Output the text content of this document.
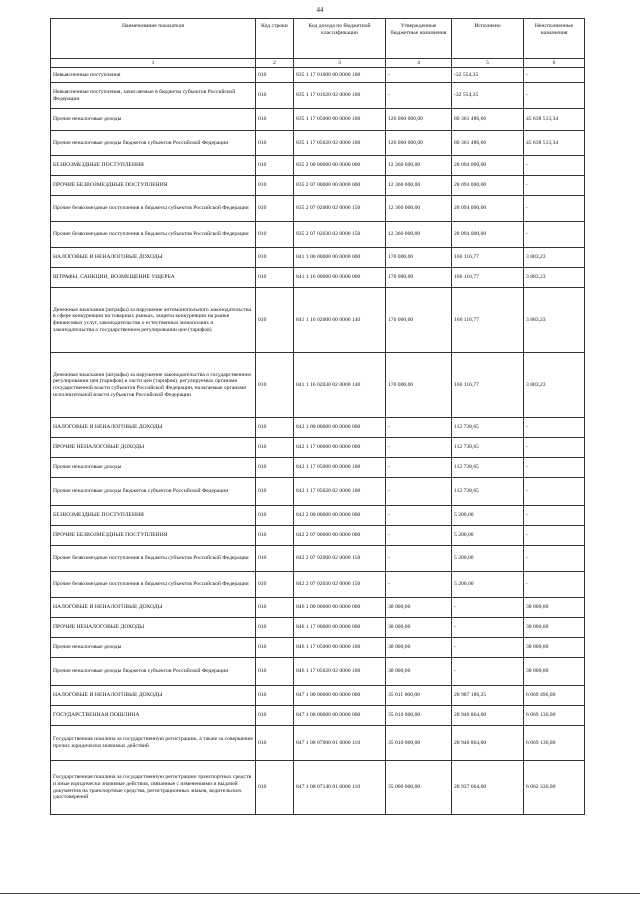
44
Наименование показателя	Код строки	Код дохода по бюджетной классификации	Утвержденные бюджетные назначения	Исполнено	Неисполненные назначения
1	2	3	4	5	6
Невыясненные поступления	010	835 1 17 01000 00 0000 180	-	-32 554,35	-
Невыясненные поступления, зачисляемые в бюджеты субъектов Российской Федерации	010	835 1 17 01020 02 0000 180	-	-32 554,35	-
Прочие неналоговые доходы	010	835 1 17 05000 00 0000 180	126 000 000,00	80 361 486,66	45 638 513,34
Прочие неналоговые доходы бюджетов субъектов Российской Федерации	010	835 1 17 05020 02 0000 180	126 000 000,00	80 361 486,66	45 638 513,34
БЕЗВОЗМЕЗДНЫЕ ПОСТУПЛЕНИЯ	010	835 2 00 00000 00 0000 000	12 360 000,00	28 094 000,00	-
ПРОЧИЕ БЕЗВОЗМЕЗДНЫЕ ПОСТУПЛЕНИЯ	010	835 2 07 00000 00 0000 000	12 360 000,00	28 094 000,00	-
Прочие безвозмездные поступления в бюджеты субъектов Российской Федерации	010	835 2 07 02000 02 0000 150	12 360 000,00	28 094 000,00	-
Прочие безвозмездные поступления в бюджеты субъектов Российской Федерации	010	835 2 07 02030 02 0000 150	12 360 000,00	28 094 000,00	-
НАЛОГОВЫЕ И НЕНАЛОГОВЫЕ ДОХОДЫ	010	841 1 00 00000 00 0000 000	170 000,00	166 116,77	3 883,23
ШТРАФЫ, САНКЦИИ, ВОЗМЕЩЕНИЕ УЩЕРБА	010	841 1 16 00000 00 0000 000	170 000,00	166 116,77	3 883,23
Денежные взыскания (штрафы) за нарушение антимонопольного законодательства в сфере конкуренции на товарных рынках, защиты конкуренции на рынке финансовых услуг, законодательства о естественных монополиях и законодательства о государственном регулировании цен (тарифов)	010	841 1 16 02000 00 0000 140	170 000,00	166 116,77	3 883,23
Денежные взыскания (штрафы) за нарушение законодательства о государственном регулировании цен (тарифов) в части цен (тарифов), регулируемых органами государственной власти субъектов Российской Федерации, налагаемые органами исполнительной власти субъектов Российской Федерации	010	841 1 16 02030 02 0000 140	170 000,00	166 116,77	3 883,23
НАЛОГОВЫЕ И НЕНАЛОГОВЫЕ ДОХОДЫ	010	842 1 00 00000 00 0000 000	-	112 738,65	-
ПРОЧИЕ НЕНАЛОГОВЫЕ ДОХОДЫ	010	842 1 17 00000 00 0000 000	-	112 738,65	-
Прочие неналоговые доходы	010	842 1 17 05000 00 0000 180	-	112 738,65	-
Прочие неналоговые доходы бюджетов субъектов Российской Федерации	010	842 1 17 05020 02 0000 180	-	112 738,65	-
БЕЗВОЗМЕЗДНЫЕ ПОСТУПЛЕНИЯ	010	842 2 00 00000 00 0000 000	-	5 200,00	-
ПРОЧИЕ БЕЗВОЗМЕЗДНЫЕ ПОСТУПЛЕНИЯ	010	842 2 07 00000 00 0000 000	-	5 200,00	-
Прочие безвозмездные поступления в бюджеты субъектов Российской Федерации	010	842 2 07 02000 02 0000 150	-	5 200,00	-
Прочие безвозмездные поступления в бюджеты субъектов Российской Федерации	010	842 2 07 02030 02 0000 150	-	5 200,00	-
НАЛОГОВЫЕ И НЕНАЛОГОВЫЕ ДОХОДЫ	010	846 1 00 00000 00 0000 000	38 000,00	-	38 000,00
ПРОЧИЕ НЕНАЛОГОВЫЕ ДОХОДЫ	010	846 1 17 00000 00 0000 000	38 000,00	-	38 000,00
Прочие неналоговые доходы	010	846 1 17 05000 00 0000 180	38 000,00	-	38 000,00
Прочие неналоговые доходы бюджетов субъектов Российской Федерации	010	846 1 17 05020 02 0000 180	38 000,00	-	38 000,00
НАЛОГОВЫЕ И НЕНАЛОГОВЫЕ ДОХОДЫ	010	847 1 00 00000 00 0000 000	35 011 000,00	28 987 186,25	6 069 496,00
ГОСУДАРСТВЕННАЯ ПОШЛИНА	010	847 1 08 00000 00 0000 000	35 010 000,00	28 940 864,00	6 069 136,00
Государственная пошлина за государственную регистрацию, а также за совершение прочих юридически значимых действий	010	847 1 08 07000 01 0000 110	35 010 000,00	28 940 864,00	6 069 136,00
Государственная пошлина за государственную регистрацию транспортных средств и иные юридически значимые действия, связанные с изменениями и выдачей документов на транспортные средства, регистрационных знаков, водительских удостоверений	010	847 1 08 07140 01 0000 110	35 000 000,00	28 937 664,00	6 062 336,00
